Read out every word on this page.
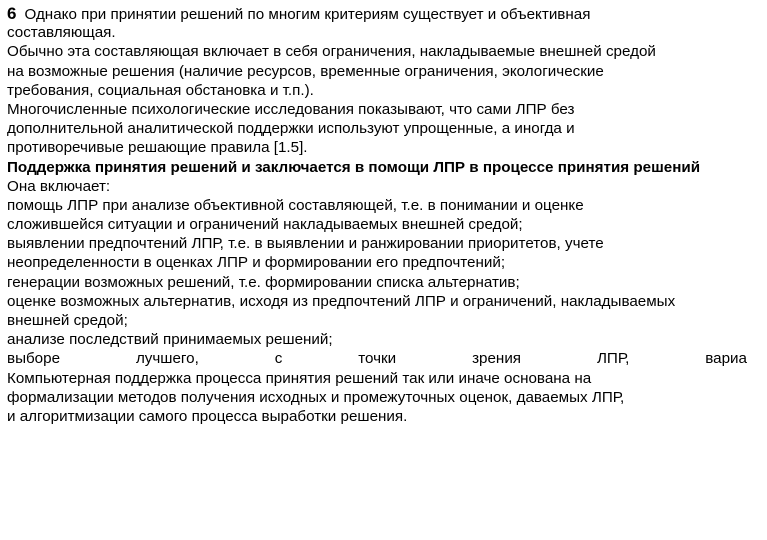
6 Однако при принятии решений по многим критериям существует и объективная
составляющая.
Обычно эта составляющая включает в себя ограничения, накладываемые внешней средой
на возможные решения (наличие ресурсов, временные ограничения, экологические
требования, социальная обстановка и т.п.).
Многочисленные психологические исследования показывают, что сами ЛПР без
дополнительной аналитической поддержки используют упрощенные, а иногда и
противоречивые решающие правила [1.5].
Поддержка принятия решений и заключается в помощи ЛПР в процессе принятия решений
Она включает:
помощь ЛПР при анализе объективной составляющей, т.е. в понимании и оценке
сложившейся ситуации и ограничений накладываемых внешней средой;
выявлении предпочтений ЛПР, т.е. в выявлении и ранжировании приоритетов, учете
неопределенности в оценках ЛПР и формировании его предпочтений;
генерации возможных решений, т.е. формировании списка альтернатив;
оценке возможных альтернатив, исходя из предпочтений ЛПР и ограничений, накладываемых
внешней средой;
анализе последствий принимаемых решений;
выборе	лучшего,	с	точки	зрения	ЛПР,	вариа
Компьютерная поддержка процесса принятия решений так или иначе основана на
формализации методов получения исходных и промежуточных оценок, даваемых ЛПР,
и алгоритмизации самого процесса выработки решения.
